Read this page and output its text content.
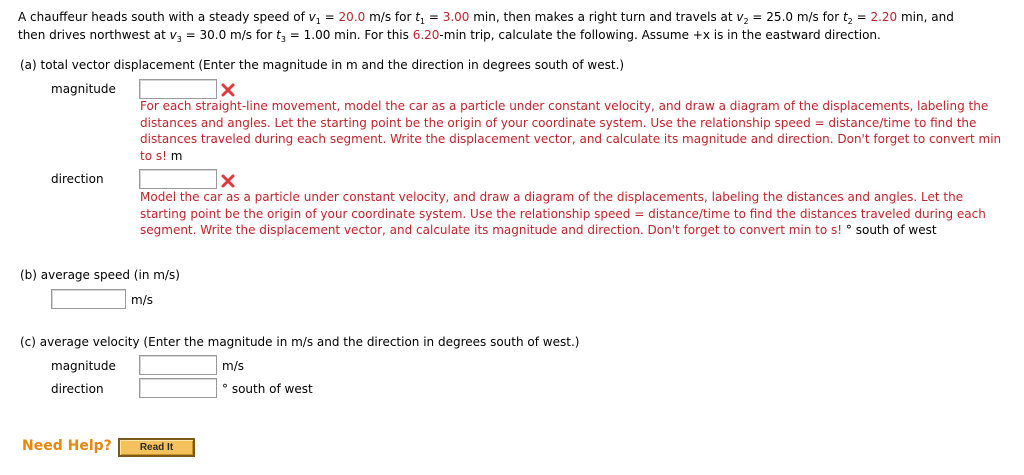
A chauffeur heads south with a steady speed of $v_1 = 20.0$ m/s for $t_1 = 3.00$ min, then makes a right turn and travels at $v_2 = 25.0$ m/s for $t_2 = 2.20$ min, and
then drives northwest at $v_3 = 30.0$ m/s for $t_3 = 1.00$ min. For this 6.20-min trip, calculate the following. Assume +x is in the eastward direction.
(a) total vector displacement (Enter the magnitude in m and the direction in degrees south of west.)
magnitude
For each straight-line movement, model the car as a particle under constant velocity, and draw a diagram of the displacements, labeling the
distances and angles. Let the starting point be the origin of your coordinate system. Use the relationship speed = distance/time to find the
distances traveled during each segment. Write the displacement vector, and calculate its magnitude and direction. Don't forget to convert min
to s! m
direction
Model the car as a particle under constant velocity, and draw a diagram of the displacements, labeling the distances and angles. Let the
starting point be the origin of your coordinate system. Use the relationship speed = distance/time to find the distances traveled during each
segment. Write the displacement vector, and calculate its magnitude and direction. Don't forget to convert min to s! ° south of west
(b) average speed (in m/s)
m/s
(c) average velocity (Enter the magnitude in m/s and the direction in degrees south of west.)
magnitude	m/s
direction	° south of west
Need Help?	Read It
